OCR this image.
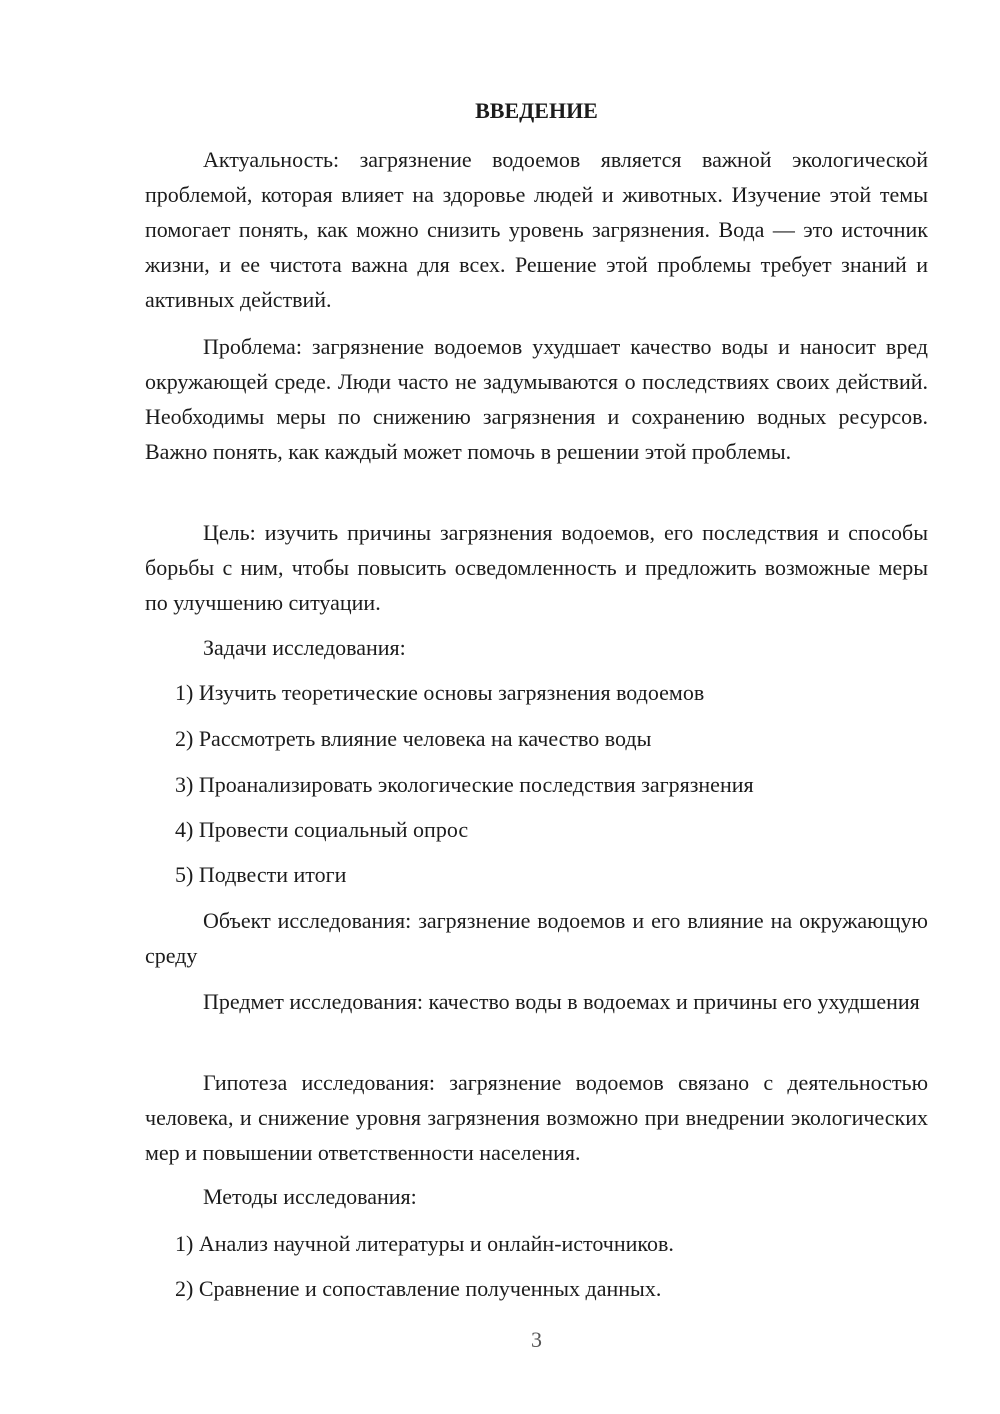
ВВЕДЕНИЕ

Актуальность: загрязнение водоемов является важной экологической проблемой, которая влияет на здоровье людей и животных. Изучение этой темы помогает понять, как можно снизить уровень загрязнения. Вода — это источник жизни, и ее чистота важна для всех. Решение этой проблемы требует знаний и активных действий.

Проблема: загрязнение водоемов ухудшает качество воды и наносит вред окружающей среде. Люди часто не задумываются о последствиях своих действий. Необходимы меры по снижению загрязнения и сохранению водных ресурсов. Важно понять, как каждый может помочь в решении этой проблемы.

Цель: изучить причины загрязнения водоемов, его последствия и способы борьбы с ним, чтобы повысить осведомленность и предложить возможные меры по улучшению ситуации.

Задачи исследования:

1) Изучить теоретические основы загрязнения водоемов

2) Рассмотреть влияние человека на качество воды

3) Проанализировать экологические последствия загрязнения

4) Провести социальный опрос

5) Подвести итоги

Объект исследования: загрязнение водоемов и его влияние на окружающую среду

Предмет исследования: качество воды в водоемах и причины его ухудшения

Гипотеза исследования: загрязнение водоемов связано с деятельностью человека, и снижение уровня загрязнения возможно при внедрении экологических мер и повышении ответственности населения.

Методы исследования:

1) Анализ научной литературы и онлайн-источников.

2) Сравнение и сопоставление полученных данных.

3
